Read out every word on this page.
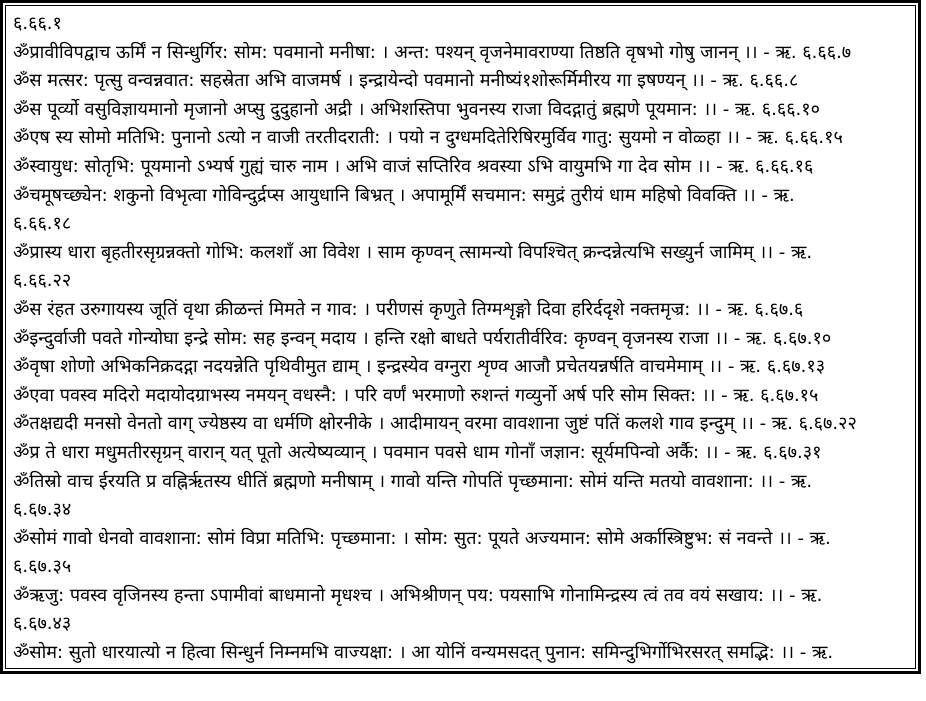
६.६६.१
ॐप्रावीविपद्वाच ऊर्मिं न सिन्धुर्गिर: सोम: पवमानो मनीषा: । अन्त: पश्यन् वृजनेमावराण्या तिष्ठति वृषभो गोषु जानन् ।। - ऋ. ६.६६.७
ॐस मत्सर: पृत्सु वन्वन्नवात: सहस्रेता अभि वाजमर्ष । इन्द्रायेन्दो पवमानो मनीष्यं१शोरूर्मिमीरय गा इषण्यन् ।। - ऋ. ६.६६.८
ॐस पूर्व्यो वसुविज्ञायमानो मृजानो अप्सु दुदुहानो अद्री । अभिशस्तिपा भुवनस्य राजा विदद्गातुं ब्रह्मणे पूयमान: ।। - ऋ. ६.६६.१०
ॐएष स्य सोमो मतिभि: पुनानो ऽत्यो न वाजी तरतीदराती: । पयो न दुग्धमदितेरिषिरमुर्विव गातु: सुयमो न वोळ्हा ।। - ऋ. ६.६६.१५
ॐस्वायुध: सोतृभि: पूयमानो ऽभ्यर्ष गुह्यं चारु नाम । अभि वाजं सप्तिरिव श्रवस्या ऽभि वायुमभि गा देव सोम ।। - ऋ. ६.६६.१६
ॐचमूषच्छ्येन: शकुनो विभृत्वा गोविन्दुर्द्रप्स आयुधानि बिभ्रत् । अपामूर्मिं सचमान: समुद्रं तुरीयं धाम महिषो विवक्ति ।। - ऋ.
६.६६.१८
ॐप्रास्य धारा बृहतीरसृग्रन्नक्तो गोभि: कलशाँ आ विवेश । साम कृण्वन् त्सामन्यो विपश्चित् क्रन्दन्नेत्यभि सख्युर्न जामिम् ।। - ऋ.
६.६६.२२
ॐस रंहत उरुगायस्य जूतिं वृथा क्रीळन्तं मिमते न गाव: । परीणसं कृणुते तिग्मशृङ्गो दिवा हरिर्ददृशे नक्तमृज्र: ।। - ऋ. ६.६७.६
ॐइन्दुर्वाजी पवते गोन्योघा इन्द्रे सोम: सह इन्वन् मदाय । हन्ति रक्षो बाधते पर्यरातीर्वरिव: कृण्वन् वृजनस्य राजा ।। - ऋ. ६.६७.१०
ॐवृषा शोणो अभिकनिक्रदद्गा नदयन्नेति पृथिवीमुत द्याम् । इन्द्रस्येव वग्नुरा शृण्व आजौ प्रचेतयन्नर्षति वाचमेमाम् ।। - ऋ. ६.६७.१३
ॐएवा पवस्व मदिरो मदायोदग्राभस्य नमयन् वधस्नै: । परि वर्णं भरमाणो रुशन्तं गव्युर्नो अर्ष परि सोम सिक्त: ।। - ऋ. ६.६७.१५
ॐतक्षद्यदी मनसो वेनतो वाग् ज्येष्ठस्य वा धर्मणि क्षोरनीके । आदीमायन् वरमा वावशाना जुष्टं पतिं कलशे गाव इन्दुम् ।। - ऋ. ६.६७.२२
ॐप्र ते धारा मधुमतीरसृग्रन् वारान् यत् पूतो अत्येष्यव्यान् । पवमान पवसे धाम गोनाँ जज्ञान: सूर्यमपिन्वो अर्कै: ।। - ऋ. ६.६७.३१
ॐतिस्रो वाच ईरयति प्र वह्निर्ऋतस्य धीतिं ब्रह्मणो मनीषाम् । गावो यन्ति गोपतिं पृच्छमाना: सोमं यन्ति मतयो वावशाना: ।। - ऋ.
६.६७.३४
ॐसोमं गावो धेनवो वावशाना: सोमं विप्रा मतिभि: पृच्छमाना: । सोम: सुत: पूयते अज्यमान: सोमे अर्कास्त्रिष्टुभ: सं नवन्ते ।। - ऋ.
६.६७.३५
ॐऋजु: पवस्व वृजिनस्य हन्ता ऽपामीवां बाधमानो मृधश्च । अभिश्रीणन् पय: पयसाभि गोनामिन्द्रस्य त्वं तव वयं सखाय: ।। - ऋ.
६.६७.४३
ॐसोम: सुतो धारयात्यो न हित्वा सिन्धुर्न निम्नमभि वाज्यक्षा: । आ योनिं वन्यमसदत् पुनान: समिन्दुभिर्गोभिरसरत् समद्भि: ।। - ऋ.
